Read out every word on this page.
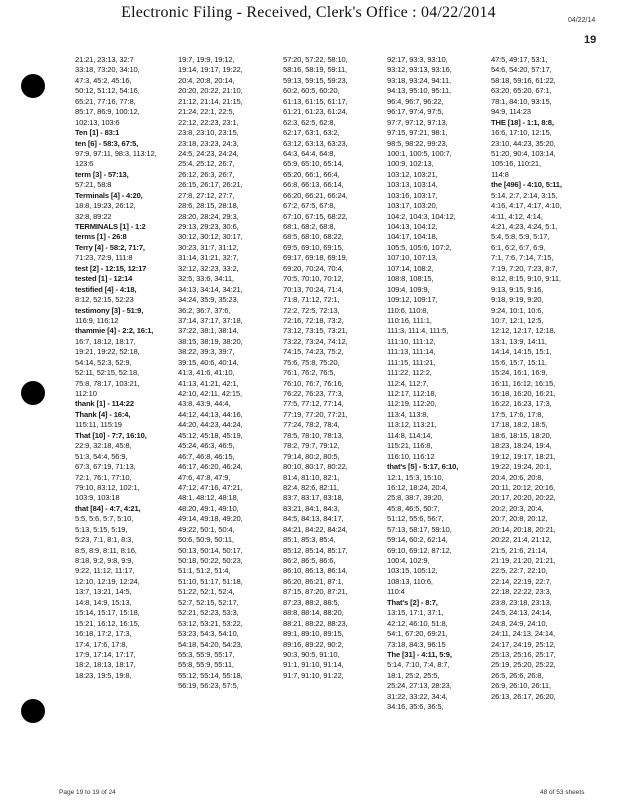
Electronic Filing - Received, Clerk's Office : 04/22/2014	04/22/14
19
21:21, 23:13, 32:7
33:18, 73:20, 34:10,
47:3, 45:2, 45:16,
50:12, 51:12, 54:16,
65:21, 77:16, 77:8,
85:17, 86:9, 100:12,
102:13, 103:6
Ten [1] - 83:1
ten [6] - 58:3, 67:5,
97:9, 97:11, 98:3, 113:12,
123:6
term [3] - 57:13,
57:21, 58:8
Terminals [4] - 4:20,
18:8, 19:23, 26:12,
32:8, 89:22
TERMINALS [1] - 1:2
terms [1] - 26:8
Terry [4] - 58:2, 71:7,
71:23, 72:9, 111:8
test [2] - 12:15, 12:17
tested [1] - 12:14
testified [4] - 4:18,
8:12, 52:15, 52:23
testimony [3] - 51:9,
116:9, 116:12
thammie [4] - 2:2, 16:1,
16:7, 18:12, 18:17,
19:21, 19:22, 52:18,
54:14, 52:3, 52:9,
52:11, 52:15, 52:18,
75:8, 78:17, 103:21,
112:10
thank [1] - 114:22
Thank [4] - 16:4,
115:11, 115:19
That [10] - 7:7, 16:10,
22:9, 32:18, 45:8,
51:3, 54:4, 56:9,
67:3, 67:19, 71:13,
72:1, 76:1, 77:10,
79:10, 83:12, 102:1,
103:9, 103:18
that [84] - 4:7, 4:21,
5:5, 5:6, 5:7, 5:10,
5:13, 5:15, 5:19,
5:23, 7:1, 8:1, 8:3,
8:5, 8:9, 8:11, 8:16,
8:18, 9:2, 9:8, 9:9,
9:22, 11:12, 11:17,
12:10, 12:19, 12:24,
13:7, 13:21, 14:5,
14:8, 14:9, 15:13,
15:14, 15:17, 15:18,
15:21, 16:12, 16:15,
16:18, 17:2, 17:3,
17:4, 17:6, 17:8,
17:9, 17:14, 17:17,
18:2, 18:13, 18:17,
18:23, 19:5, 19:8,
19:7, 19:9, 19:12,
19:14, 19:17, 19:22,
20:4, 20:8, 20:14,
20:20, 20:22, 21:10,
21:12, 21:14, 21:15,
21:24, 22:1, 22:5,
22:12, 22:23, 23:1,
23:8, 23:10, 23:15,
23:18, 23:23, 24:3,
24:5, 24:23, 24:24,
25:4, 25:12, 26:7,
26:12, 26:3, 26:7,
26:15, 26:17, 26:21,
27:8, 27:12, 27:7,
28:6, 28:15, 28:18,
28:20, 28:24, 29:3,
29:13, 29:23, 30:6,
30:12, 30:12, 30:17,
30:23, 31:7, 31:12,
31:14, 31:21, 32:7,
32:12, 32:23, 33:2,
32:5, 33:6, 34:11,
34:13, 34:14, 34:21,
34:24, 35:9, 35:23,
36:2, 36:7, 37:6,
37:14, 37:17, 37:18,
37:22, 38:1, 38:14,
38:15, 38:19, 38:20,
38:22, 39:3, 39:7,
39:15, 40:6, 40:14,
41:3, 41:6, 41:10,
41:13, 41:21, 42:1,
42:10, 42:11, 42:15,
43:8, 43:9, 44:4,
44:12, 44:13, 44:16,
44:20, 44:23, 44:24,
45:12, 45:18, 45:19,
45:24, 46:3, 46:5,
46:7, 46:8, 46:15,
46:17, 46:20, 46:24,
47:6, 47:8, 47:9,
47:12, 47:16, 47:21,
48:1, 48:12, 48:18,
48:20, 49:1, 49:10,
49:14, 49:18, 49:20,
49:22, 50:1, 50:4,
50:6, 50:9, 50:11,
50:13, 50:14, 50:17,
50:18, 50:22, 50:23,
51:1, 51:2, 51:4,
51:10, 51:17, 51:18,
51:22, 52:1, 52:4,
52:7, 52:15, 52:17,
52:21, 52:23, 53:3,
53:12, 53:21, 53:22,
53:23, 54:3, 54:10,
54:18, 54:20, 54:23,
55:3, 55:9, 55:17,
55:8, 55:9, 55:11,
55:12, 55:14, 55:18,
56:19, 56:23, 57:5,
57:20, 57:22, 58:10,
58:16, 58:19, 59:11,
59:13, 59:15, 59:23,
60:2, 60:5, 60:20,
61:13, 61:15, 61:17,
61:21, 61:23, 61:24,
62:3, 62:5, 62:8,
62:17, 63:1, 63:2,
63:12, 63:13, 63:23,
64:3, 64:4, 64:8,
65:9, 65:10, 65:14,
65:20, 66:1, 66:4,
66:8, 66:13, 66:14,
66:20, 66:21, 66:24,
67:2, 67:5, 67:8,
67:10, 67:15, 68:22,
68:1, 68:2, 68:8,
68:5, 68:10, 68:22,
69:5, 69:10, 69:15,
69:17, 69:18, 69:19,
69:20, 70:24, 70:4,
70:5, 70:10, 70:12,
70:13, 70:24, 71:4,
71:8, 71:12, 72:1,
72:2, 72:5, 72:13,
72:16, 72:18, 73:2,
73:12, 73:15, 73:21,
73:22, 73:24, 74:12,
74:15, 74:23, 75:2,
75:6, 75:8, 75:20,
76:1, 76:2, 76:5,
76:10, 76:7, 76:16,
76:22, 76:23, 77:3,
77:5, 77:12, 77:14,
77:19, 77:20, 77:21,
77:24, 78:2, 78:4,
78:5, 78:10, 78:13,
78:2, 79:7, 79:12,
79:14, 80:2, 80:5,
80:10, 80:17, 80:22,
81:4, 81:10, 82:1,
82:4, 82:6, 82:11,
83:7, 83:17, 83:18,
83:21, 84:1, 84:3,
84:5, 84:13, 84:17,
84:21, 84:22, 84:24,
85:1, 85:3, 85:4,
85:12, 85:14, 85:17,
86:2, 86:5, 86:6,
86:10, 86:13, 86:14,
86:20, 86:21, 87:1,
87:15, 87:20, 87:21,
87:23, 88:2, 88:5,
88:8, 88:14, 88:20,
88:21, 88:22, 88:23,
89:1, 89:10, 89:15,
89:16, 89:22, 90:2,
90:3, 90:5, 91:10,
91:1, 91:10, 91:14,
91:7, 91:10, 91:22,
92:17, 93:3, 93:10,
93:12, 93:13, 93:16,
93:18, 93:24, 94:11,
94:13, 95:10, 95:11,
96:4, 96:7, 96:22,
96:17, 97:4, 97:5,
97:7, 97:12, 97:13,
97:15, 97:21, 98:1,
98:5, 98:22, 99:23,
100:1, 100:5, 100:7,
100:9, 102:13,
103:12, 103:21,
103:13, 103:14,
103:16, 103:17,
103:17, 103:20,
104:2, 104:3, 104:12,
104:13, 104:12,
104:17, 104:18,
105:5, 105:6, 107:2,
107:10, 107:13,
107:14, 108:2,
108:8, 108:15,
109:4, 109:9,
109:12, 109:17,
110:6, 110:8,
110:16, 111:1,
111:3, 111:4, 111:5,
111:10, 111:12,
111:13, 111:14,
111:15, 111:21,
111:22, 112:2,
112:4, 112:7,
112:17, 112:18,
112:19, 112:20,
113:4, 113:8,
113:12, 113:21,
114:8, 114:14,
115:21, 116:8,
116:10, 116:12
that's [5] - 5:17, 6:10,
12:1, 15:3, 15:10,
16:12, 18:24, 20:4,
25:8, 38:7, 39:20,
45:8, 46:5, 50:7,
51:12, 55:6, 56:7,
57:13, 58:17, 59:10,
59:14, 60:2, 62:14,
69:10, 69:12, 87:12,
100:4, 102:9,
103:15, 105:12,
108:13, 110:6,
110:4
That's [2] - 8:7,
13:15, 17:1, 37:1,
42:12, 46:10, 51:8,
54:1, 67:20, 69:21,
73:18, 84:3, 96:15
The [31] - 4:11, 5:9,
5:14, 7:10, 7:4, 8:7,
18:1, 25:2, 25:5,
25:24, 27:13, 28:23,
31:22, 33:22, 34:4,
34:16, 35:6, 36:5,
47:5, 49:17, 53:1,
54:6, 54:20, 57:17,
58:18, 59:16, 61:22,
63:20, 65:20, 67:1,
78:1, 84:10, 93:15,
94:9, 114:23
THE [18] - 1:1, 8:8,
16:6, 17:10, 12:15,
23:10, 44:23, 35:20,
51:20, 90:4, 103:14,
105:16, 110:21,
114:8
the [496] - 4:10, 5:11,
5:14, 2:7, 2:14, 3:15,
4:16, 4:17, 4:17, 4:10,
4:11, 4:12, 4:14,
4:21, 4:23, 4:24, 5:1,
5:4, 5:8, 5:9, 5:17,
6:1, 6:2, 6:7, 6:9,
7:1, 7:6, 7:14, 7:15,
7:19, 7:20, 7:23, 8:7,
8:12, 8:15, 9:10, 9:11,
9:13, 9:15, 9:16,
9:18, 9:19, 9:20,
9:24, 10:1, 10:6,
10:7, 12:1, 12:5,
12:12, 12:17, 12:18,
13:1, 13:9, 14:11,
14:14, 14:15, 15:1,
15:6, 15:7, 15:11,
15:24, 16:1, 16:9,
16:11, 16:12, 16:15,
16:18, 16:20, 16:21,
16:22, 16:23, 17:3,
17:5, 17:6, 17:8,
17:18, 18:2, 18:5,
18:6, 18:15, 18:20,
18:23, 18:24, 19:4,
19:12, 19:17, 18:21,
19:22, 19:24, 20:1,
20:4, 20:6, 20:8,
20:11, 20:12, 20:16,
20:17, 20:20, 20:22,
20:2, 20:3, 20:4,
20:7, 20:8, 20:12,
20:14, 20:18, 20:21,
20:22, 21:4, 21:12,
21:5, 21:6, 21:14,
21:19, 21:20, 21:21,
22:5, 22:7, 22:10,
22:14, 22:19, 22:7,
22:18, 22:22, 23:3,
23:8, 23:18, 23:13,
24:5, 24:13, 24:14,
24:8, 24:9, 24:10,
24:11, 24:13, 24:14,
24:17, 24:19, 25:12,
25:13, 25:16, 25:17,
25:19, 25:20, 25:22,
26:5, 26:6, 26:8,
26:9, 26:10, 26:11,
26:13, 26:17, 26:20,
Page 19 to 19 of 24	48 of 53 sheets
